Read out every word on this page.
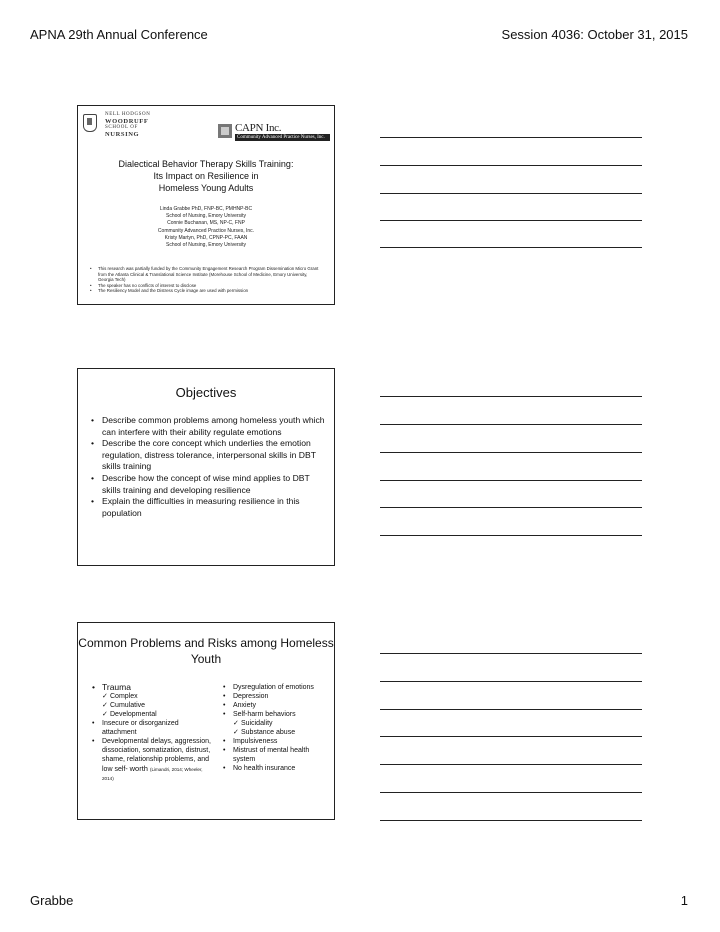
APNA 29th Annual Conference	Session 4036: October 31, 2015
NELL HODGSON
WOODRUFF
SCHOOL OF
NURSING	CAPN Inc.
Community Advanced Practice Nurses, Inc.
Dialectical Behavior Therapy Skills Training:
Its Impact on Resilience in
Homeless Young Adults
Linda Grabbe PhD, FNP-BC, PMHNP-BC
School of Nursing, Emory University
Connie Buchanan, MS, NP-C, FNP
Community Advanced Practice Nurses, Inc.
Kristy Martyn, PhD, CPNP-PC, FAAN
School of Nursing, Emory University
• This research was partially funded by the Community Engagement Research Program Dissemination Micro Grant from the Atlanta Clinical & Translational Science Institute (Morehouse School of Medicine, Emory University, Georgia Tech)
• The speaker has no conflicts of interest to disclose
• The Resiliency Model and the Distress Cycle image are used with permission
Objectives
• Describe common problems among homeless youth which can interfere with their ability regulate emotions
• Describe the core concept which underlies the emotion regulation, distress tolerance, interpersonal skills in DBT skills training
• Describe how the concept of wise mind applies to DBT skills training and developing resilience
• Explain the difficulties in measuring resilience in this population
Common Problems and Risks among Homeless Youth
• Trauma
✓ Complex
✓ Cumulative
✓ Developmental
• Insecure or disorganized attachment
• Developmental delays, aggression, dissociation, somatization, distrust, shame, relationship problems, and low self- worth (Limandri, 2014; Wheeler, 2014)
• Dysregulation of emotions
• Depression
• Anxiety
• Self-harm behaviors
✓ Suicidality
✓ Substance abuse
• Impulsiveness
• Mistrust of mental health system
• No health insurance
Grabbe	1
